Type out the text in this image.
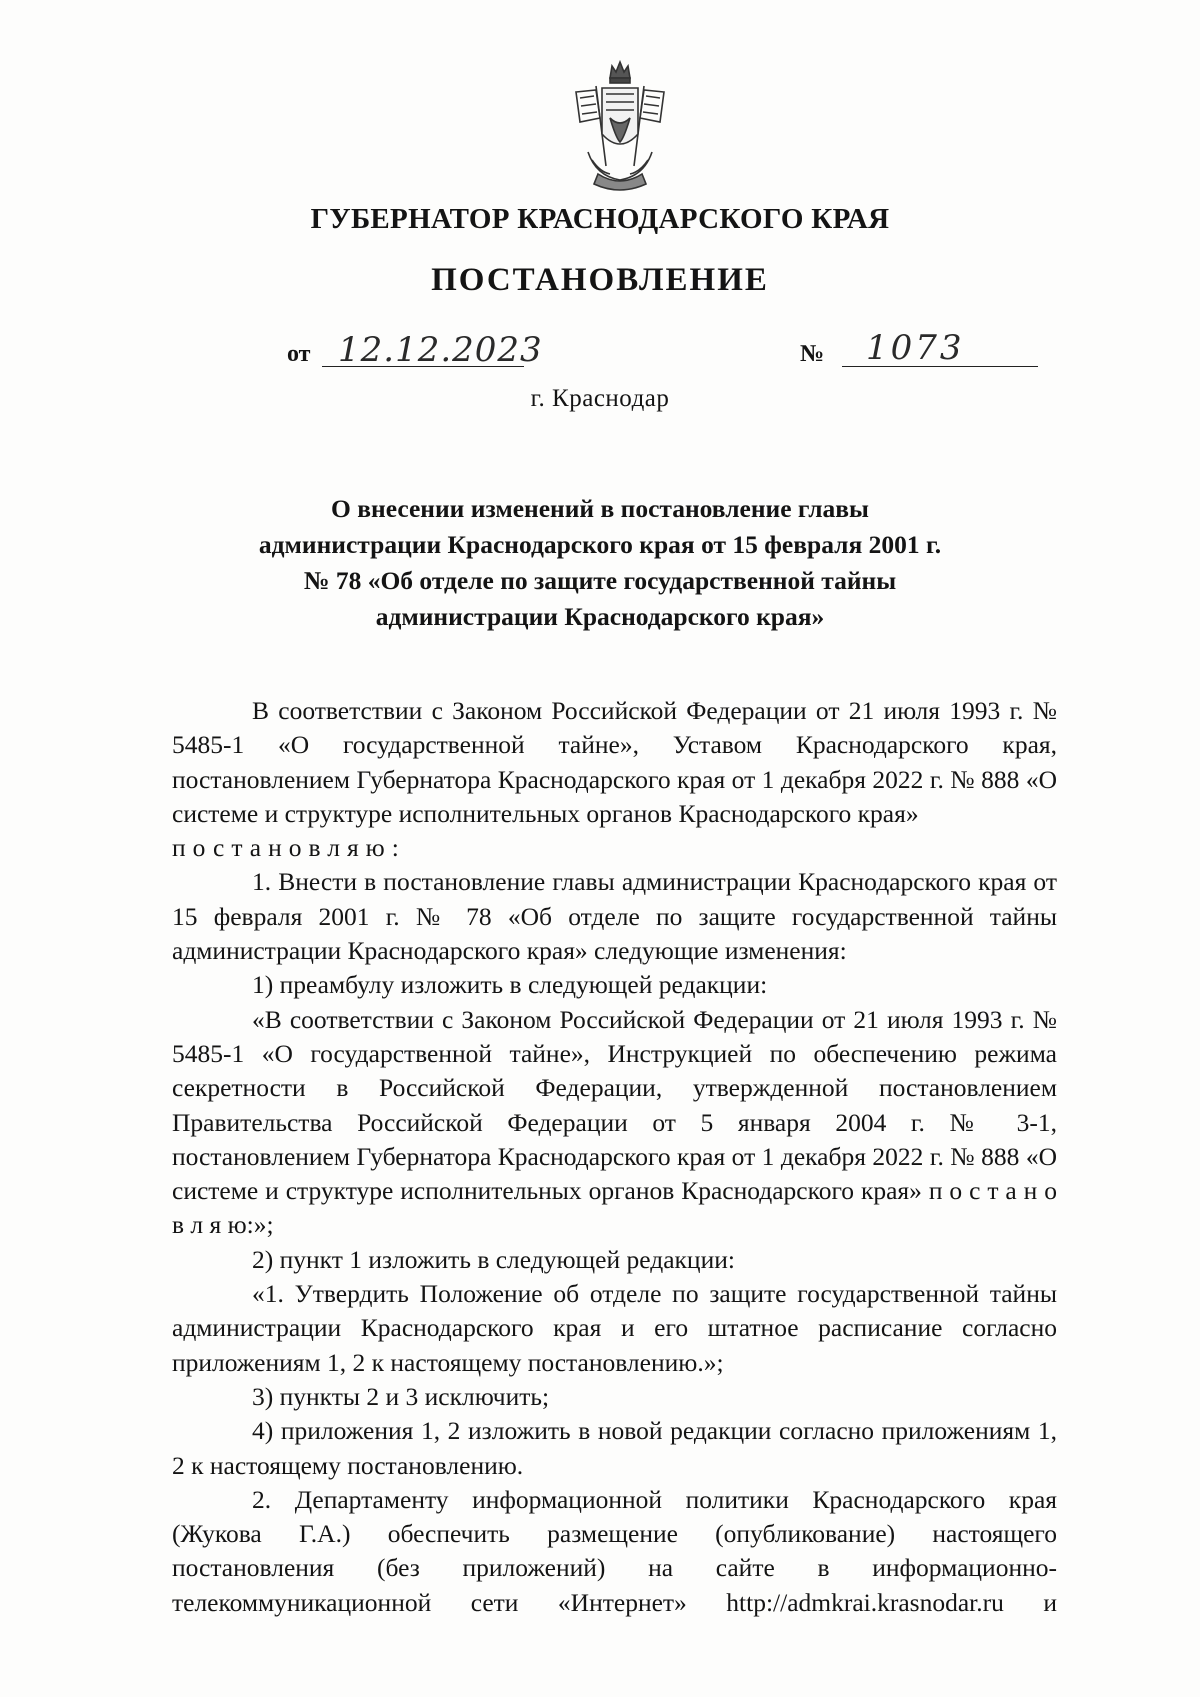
ГУБЕРНАТОР КРАСНОДАРСКОГО КРАЯ
ПОСТАНОВЛЕНИЕ
от 12.12.2023	№ 1073
г. Краснодар
О внесении изменений в постановление главы
администрации Краснодарского края от 15 февраля 2001 г.
№ 78 «Об отделе по защите государственной тайны
администрации Краснодарского края»

В соответствии с Законом Российской Федерации от 21 июля 1993 г. № 5485-1 «О государственной тайне», Уставом Краснодарского края, постановлением Губернатора Краснодарского края от 1 декабря 2022 г. № 888 «О системе и структуре исполнительных органов Краснодарского края»

постановляю:

1. Внести в постановление главы администрации Краснодарского края от 15 февраля 2001 г. № 78 «Об отделе по защите государственной тайны администрации Краснодарского края» следующие изменения:

1) преамбулу изложить в следующей редакции:

«В соответствии с Законом Российской Федерации от 21 июля 1993 г. № 5485-1 «О государственной тайне», Инструкцией по обеспечению режима секретности в Российской Федерации, утвержденной постановлением Правительства Российской Федерации от 5 января 2004 г. № 3-1, постановлением Губернатора Краснодарского края от 1 декабря 2022 г. № 888 «О системе и структуре исполнительных органов Краснодарского края» п о с т а н о в л я ю:»;

2) пункт 1 изложить в следующей редакции:

«1. Утвердить Положение об отделе по защите государственной тайны администрации Краснодарского края и его штатное расписание согласно приложениям 1, 2 к настоящему постановлению.»;

3) пункты 2 и 3 исключить;

4) приложения 1, 2 изложить в новой редакции согласно приложениям 1, 2 к настоящему постановлению.

2. Департаменту информационной политики Краснодарского края (Жукова Г.А.) обеспечить размещение (опубликование) настоящего постановления (без приложений) на сайте в информационно-телекоммуникационной сети «Интернет» http://admkrai.krasnodar.ru и
